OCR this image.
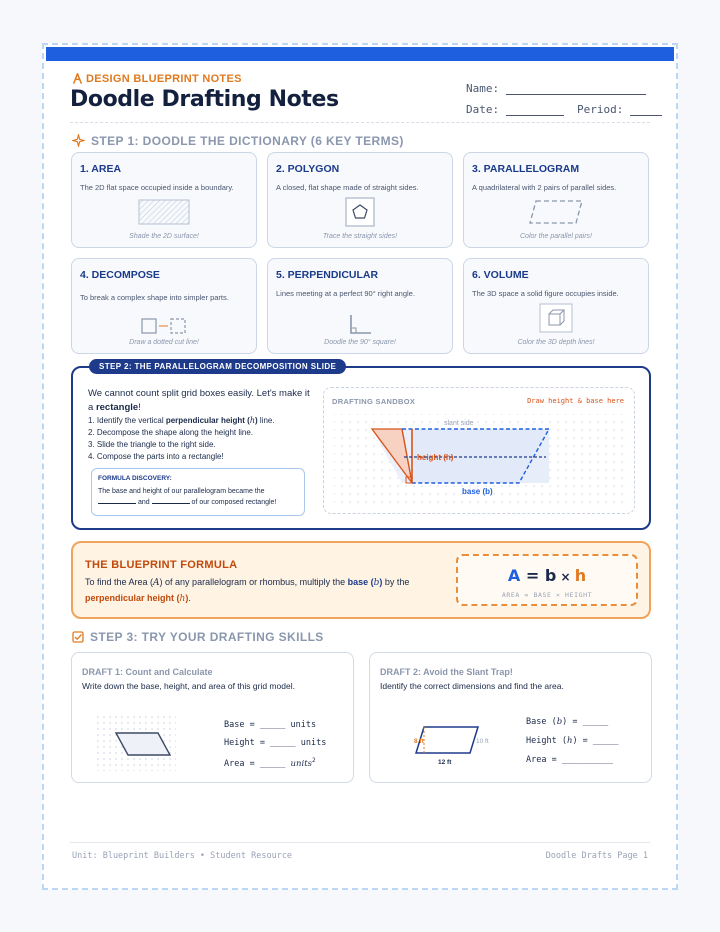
DESIGN BLUEPRINT NOTES
Doodle Drafting Notes	Name:
Date:	Period:
STEP 1: DOODLE THE DICTIONARY (6 KEY TERMS)
1. AREA

The 2D flat space occupied inside a boundary.

Shade the 2D surface!
2. POLYGON

A closed, flat shape made of straight sides.

Trace the straight sides!
3. PARALLELOGRAM

A quadrilateral with 2 pairs of parallel sides.

Color the parallel pairs!
4. DECOMPOSE

To break a complex shape into simpler parts.

Draw a dotted cut line!
5. PERPENDICULAR

Lines meeting at a perfect 90° right angle.

Doodle the 90° square!
6. VOLUME

The 3D space a solid figure occupies inside.

Color the 3D depth lines!
STEP 2: THE PARALLELOGRAM DECOMPOSITION SLIDE
We cannot count split grid boxes easily. Let's make it a rectangle!
1. Identify the vertical perpendicular height (h) line.
2. Decompose the shape along the height line.
3. Slide the triangle to the right side.
4. Compose the parts into a rectangle!
FORMULA DISCOVERY:

The base and height of our parallelogram became the
and	of our composed rectangle!

DRAFTING SANDBOX	Draw height & base here
slant side
height (h)
base (b)
THE BLUEPRINT FORMULA

To find the Area (A) of any parallelogram or rhombus, multiply the base (b) by the perpendicular height (h).

A = b × h
AREA = BASE × HEIGHT
STEP 3: TRY YOUR DRAFTING SKILLS
DRAFT 1: Count and Calculate
Write down the base, height, and area of this grid model.
Base = _____ units
Height = _____ units
Area = _____ units$^2$
DRAFT 2: Avoid the Slant Trap!
Identify the correct dimensions and find the area.
8 ft	10 ft
12 ft
Base (b) = _____
Height (h) = _____
Area = __________
Unit: Blueprint Builders • Student Resource	Doodle Drafts Page 1
